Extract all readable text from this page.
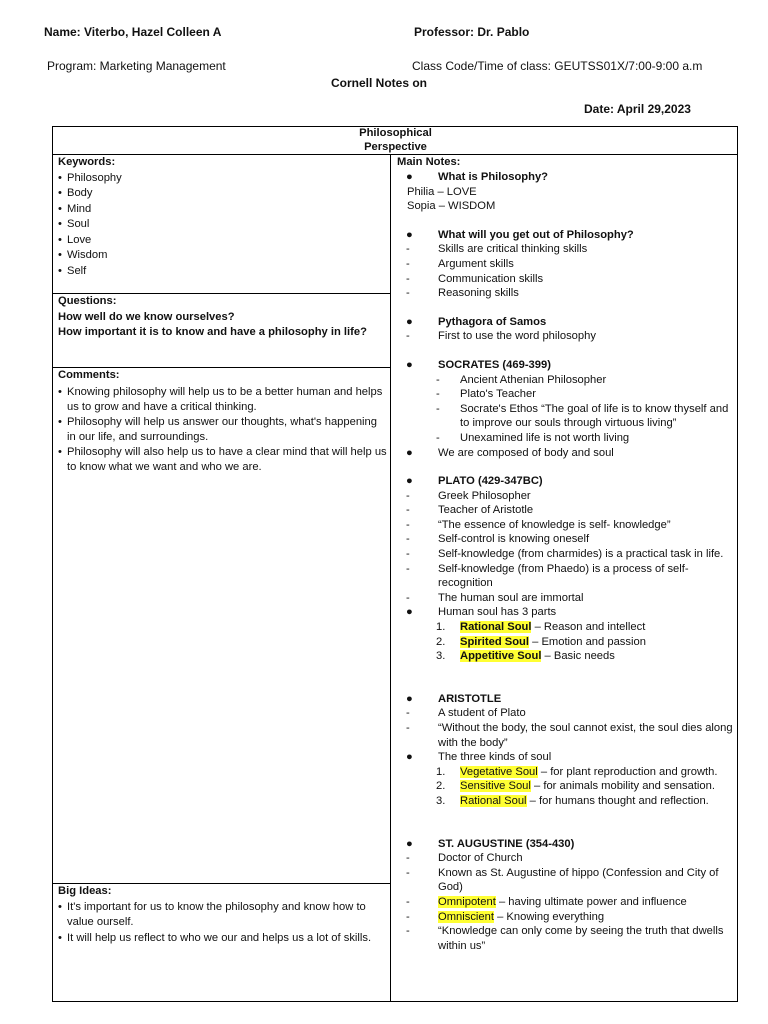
Name: Viterbo, Hazel Colleen A	Professor: Dr. Pablo
Program: Marketing Management	Class Code/Time of class: GEUTSS01X/7:00-9:00 a.m
Cornell Notes on
Date: April 29,2023
Philosophical
Perspective
Keywords:
• Philosophy
• Body
• Mind
• Soul
• Love
• Wisdom
• Self
Questions:
How well do we know ourselves?
How important it is to know and have a philosophy in life?
Comments:
• Knowing philosophy will help us to be a better human and helps us to grow and have a critical thinking.
• Philosophy will help us answer our thoughts, what's happening in our life, and surroundings.
• Philosophy will also help us to have a clear mind that will help us to know what we want and who we are.
Big Ideas:
• It's important for us to know the philosophy and know how to value ourself.
• It will help us reflect to who we our and helps us a lot of skills.
Main Notes:
● What is Philosophy?
Philia – LOVE
Sopia – WISDOM
● What will you get out of Philosophy?
-	Skills are critical thinking skills
-	Argument skills
-	Communication skills
-	Reasoning skills
● Pythagora of Samos
-	First to use the word philosophy
● SOCRATES (469-399)
- Ancient Athenian Philosopher
- Plato's Teacher
- Socrate's Ethos “The goal of life is to know thyself and to improve our souls through virtuous living”
- Unexamined life is not worth living
● We are composed of body and soul
● PLATO (429-347BC)
-	Greek Philosopher
-	Teacher of Aristotle
-	“The essence of knowledge is self- knowledge”
-	Self-control is knowing oneself
-	Self-knowledge (from charmides) is a practical task in life.
-	Self-knowledge (from Phaedo) is a process of self-recognition
-	The human soul are immortal
● Human soul has 3 parts
1. Rational Soul – Reason and intellect
2. Spirited Soul – Emotion and passion
3. Appetitive Soul – Basic needs
● ARISTOTLE
-	A student of Plato
-	“Without the body, the soul cannot exist, the soul dies along with the body”
● The three kinds of soul
1. Vegetative Soul – for plant reproduction and growth.
2. Sensitive Soul – for animals mobility and sensation.
3. Rational Soul – for humans thought and reflection.
● ST. AUGUSTINE (354-430)
-	Doctor of Church
-	Known as St. Augustine of hippo (Confession and City of God)
-	Omnipotent – having ultimate power and influence
-	Omniscient – Knowing everything
-	“Knowledge can only come by seeing the truth that dwells within us”
